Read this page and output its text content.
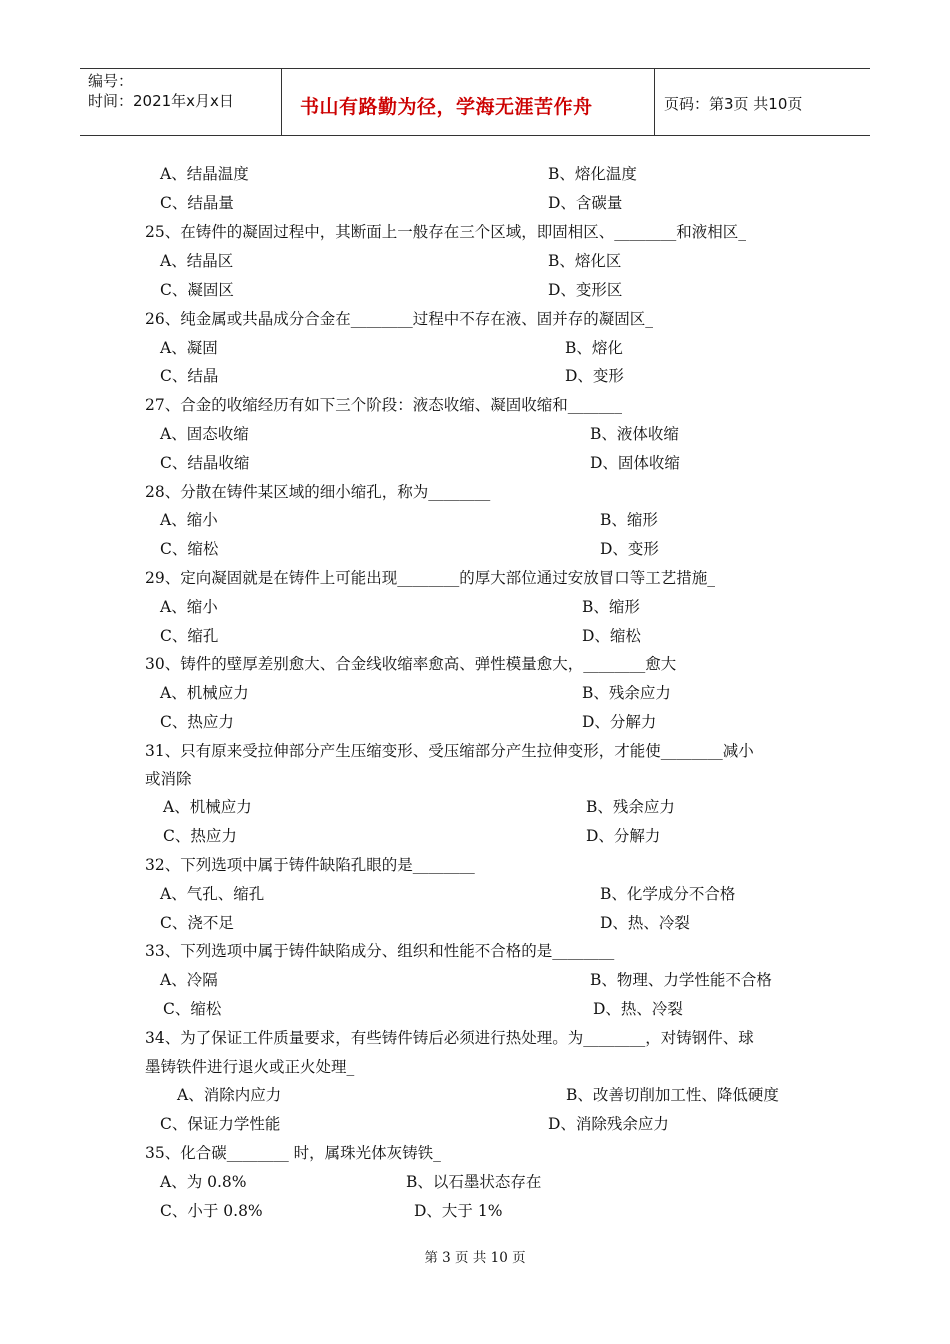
编号：
时间：2021年x月x日	书山有路勤为径，学海无涯苦作舟	页码：第3页 共10页
A、结晶温度	B、熔化温度
C、结晶量	D、含碳量
25、在铸件的凝固过程中，其断面上一般存在三个区域，即固相区、________和液相区_
A、结晶区	B、熔化区
C、凝固区	D、变形区
26、纯金属或共晶成分合金在________过程中不存在液、固并存的凝固区_
A、凝固	B、熔化
C、结晶	D、变形
27、合金的收缩经历有如下三个阶段：液态收缩、凝固收缩和_______
A、固态收缩	B、液体收缩
C、结晶收缩	D、固体收缩
28、分散在铸件某区域的细小缩孔，称为________
A、缩小	B、缩形
C、缩松	D、变形
29、定向凝固就是在铸件上可能出现________的厚大部位通过安放冒口等工艺措施_
A、缩小	B、缩形
C、缩孔	D、缩松
30、铸件的壁厚差别愈大、合金线收缩率愈高、弹性模量愈大，________愈大
A、机械应力	B、残余应力
C、热应力	D、分解力
31、只有原来受拉伸部分产生压缩变形、受压缩部分产生拉伸变形，才能使________减小
或消除
A、机械应力	B、残余应力
C、热应力	D、分解力
32、下列选项中属于铸件缺陷孔眼的是________
A、气孔、缩孔	B、化学成分不合格
C、浇不足	D、热、冷裂
33、下列选项中属于铸件缺陷成分、组织和性能不合格的是________
A、冷隔	B、物理、力学性能不合格
C、缩松	D、热、冷裂
34、为了保证工件质量要求，有些铸件铸后必须进行热处理。为________，对铸钢件、球
墨铸铁件进行退火或正火处理_
A、消除内应力	B、改善切削加工性、降低硬度
C、保证力学性能	D、消除残余应力
35、化合碳________ 时，属珠光体灰铸铁_
A、为 0.8%	B、以石墨状态存在
C、小于 0.8%	D、大于 1%
第 3 页 共 10 页
